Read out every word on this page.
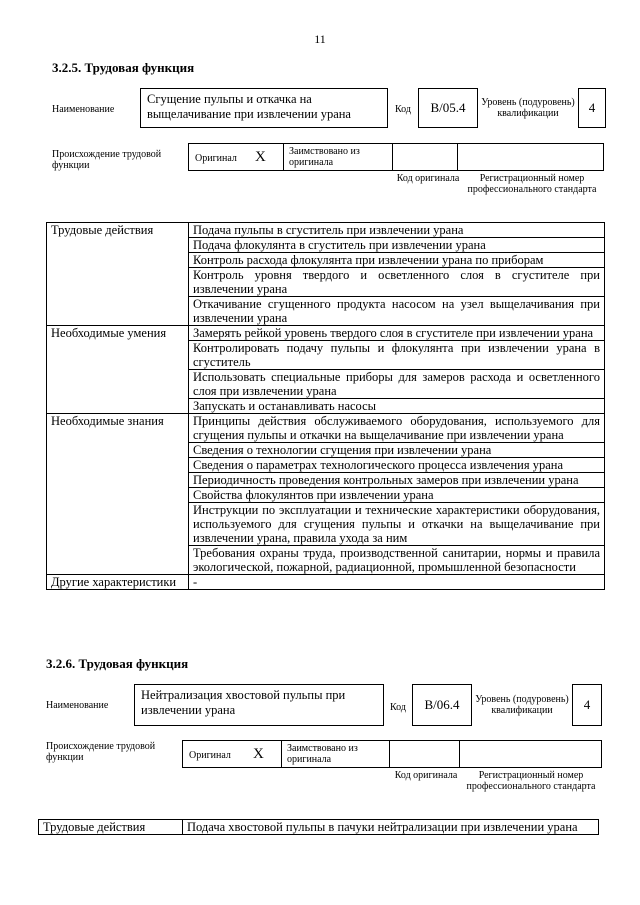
11
3.2.5. Трудовая функция
Наименование
Сгущение пульпы и откачка на выщелачивание при извлечении урана	Код	В/05.4	Уровень (подуровень) квалификации	4
Происхождение трудовой функции
Оригинал X Заимствовано из оригинала
Код оригинала	Регистрационный номер профессионального стандарта
Трудовые действия	Подача пульпы в сгуститель при извлечении урана
	Подача флокулянта в сгуститель при извлечении урана
	Контроль расхода флокулянта при извлечении урана по приборам
	Контроль уровня твердого и осветленного слоя в сгустителе при извлечении урана
	Откачивание сгущенного продукта насосом на узел выщелачивания при извлечении урана
Необходимые умения	Замерять рейкой уровень твердого слоя в сгустителе при извлечении урана
	Контролировать подачу пульпы и флокулянта при извлечении урана в сгуститель
	Использовать специальные приборы для замеров расхода и осветленного слоя при извлечении урана
	Запускать и останавливать насосы
Необходимые знания	Принципы действия обслуживаемого оборудования, используемого для сгущения пульпы и откачки на выщелачивание при извлечении урана
	Сведения о технологии сгущения при извлечении урана
	Сведения о параметрах технологического процесса извлечения урана
	Периодичность проведения контрольных замеров при извлечении урана
	Свойства флокулянтов при извлечении урана
	Инструкции по эксплуатации и технические характеристики оборудования, используемого для сгущения пульпы и откачки на выщелачивание при извлечении урана, правила ухода за ним
	Требования охраны труда, производственной санитарии, нормы и правила экологической, пожарной, радиационной, промышленной безопасности
Другие характеристики	-
3.2.6. Трудовая функция
Наименование
Нейтрализация хвостовой пульпы при извлечении урана	Код	В/06.4	Уровень (подуровень) квалификации	4
Происхождение трудовой функции	Оригинал X Заимствовано из оригинала
Код оригинала	Регистрационный номер профессионального стандарта
Трудовые действия	Подача хвостовой пульпы в пачуки нейтрализации при извлечении урана
